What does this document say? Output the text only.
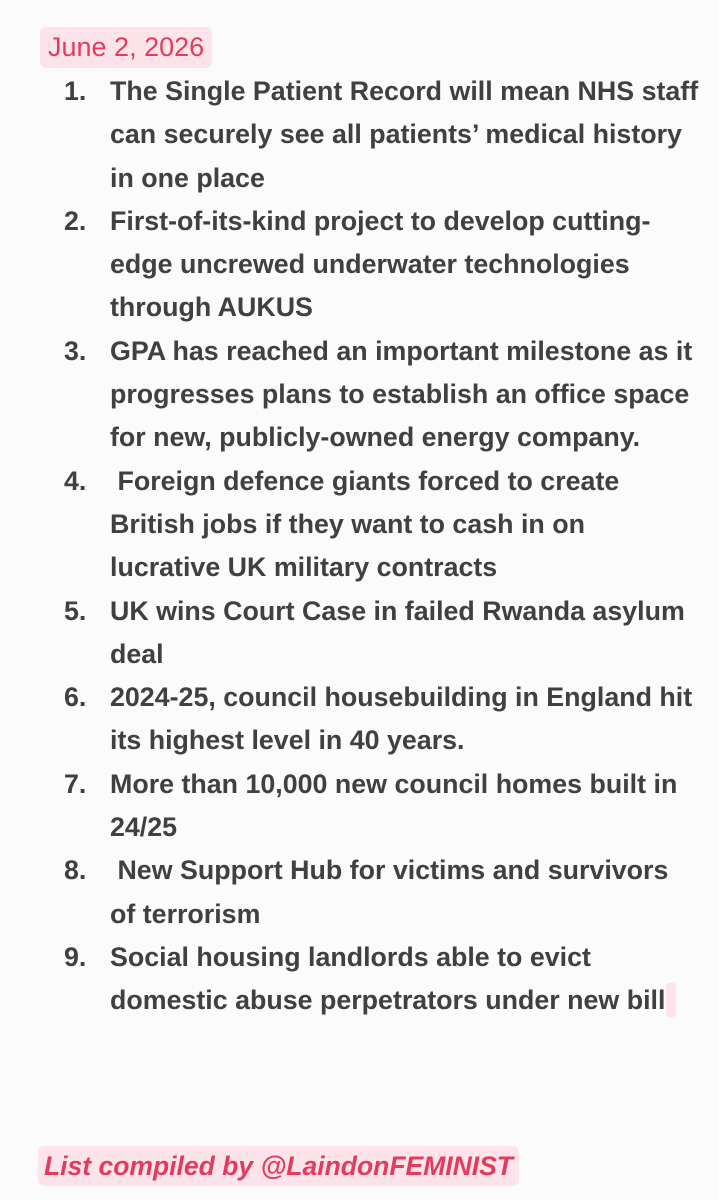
June 2, 2026
1. The Single Patient Record will mean NHS staff can securely see all patients’ medical history in one place
2. First-of-its-kind project to develop cutting-edge uncrewed underwater technologies through AUKUS
3. GPA has reached an important milestone as it progresses plans to establish an office space for new, publicly-owned energy company.
4. Foreign defence giants forced to create British jobs if they want to cash in on lucrative UK military contracts
5. UK wins Court Case in failed Rwanda asylum deal
6. 2024-25, council housebuilding in England hit its highest level in 40 years.
7. More than 10,000 new council homes built in 24/25
8. New Support Hub for victims and survivors of terrorism
9. Social housing landlords able to evict domestic abuse perpetrators under new bill
List compiled by @LaindonFEMINIST
